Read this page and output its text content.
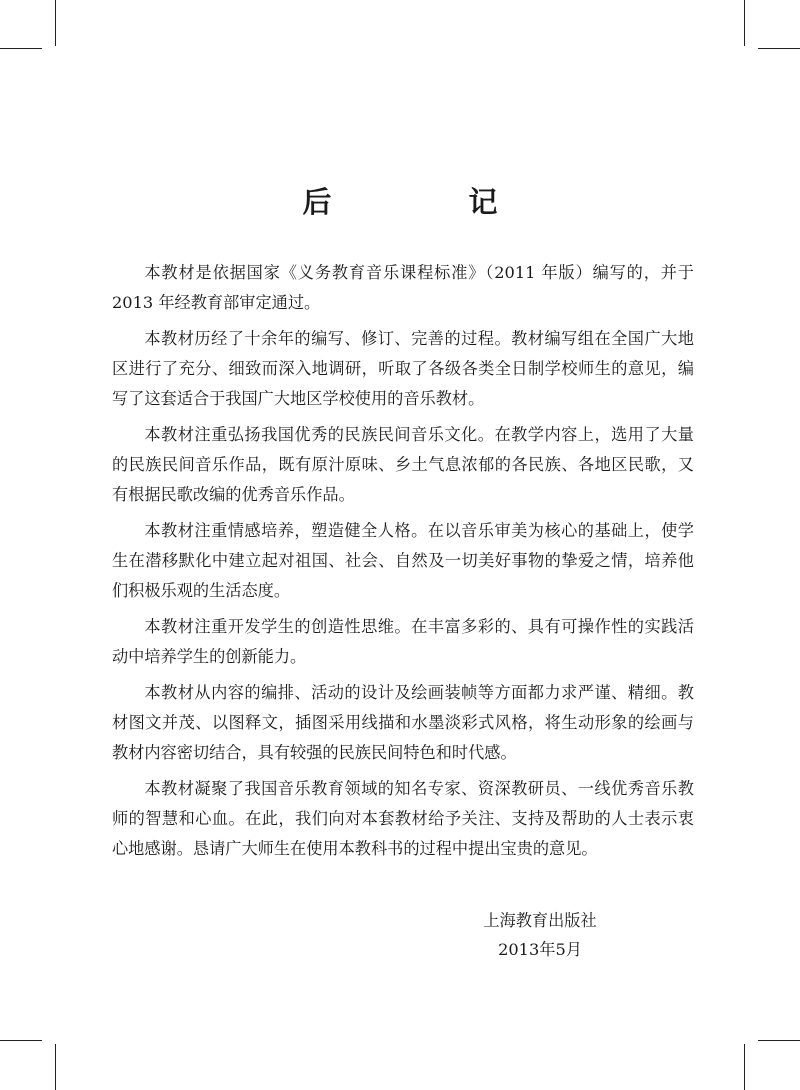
后　记

本教材是依据国家《义务教育音乐课程标准》（2011 年版）编写的，并于 2013 年经教育部审定通过。

本教材历经了十余年的编写、修订、完善的过程。教材编写组在全国广大地区进行了充分、细致而深入地调研，听取了各级各类全日制学校师生的意见，编写了这套适合于我国广大地区学校使用的音乐教材。

本教材注重弘扬我国优秀的民族民间音乐文化。在教学内容上，选用了大量的民族民间音乐作品，既有原汁原味、乡土气息浓郁的各民族、各地区民歌，又有根据民歌改编的优秀音乐作品。

本教材注重情感培养，塑造健全人格。在以音乐审美为核心的基础上，使学生在潜移默化中建立起对祖国、社会、自然及一切美好事物的挚爱之情，培养他们积极乐观的生活态度。

本教材注重开发学生的创造性思维。在丰富多彩的、具有可操作性的实践活动中培养学生的创新能力。

本教材从内容的编排、活动的设计及绘画装帧等方面都力求严谨、精细。教材图文并茂、以图释文，插图采用线描和水墨淡彩式风格，将生动形象的绘画与教材内容密切结合，具有较强的民族民间特色和时代感。

本教材凝聚了我国音乐教育领域的知名专家、资深教研员、一线优秀音乐教师的智慧和心血。在此，我们向对本套教材给予关注、支持及帮助的人士表示衷心地感谢。恳请广大师生在使用本教科书的过程中提出宝贵的意见。

上海教育出版社
2013年5月
